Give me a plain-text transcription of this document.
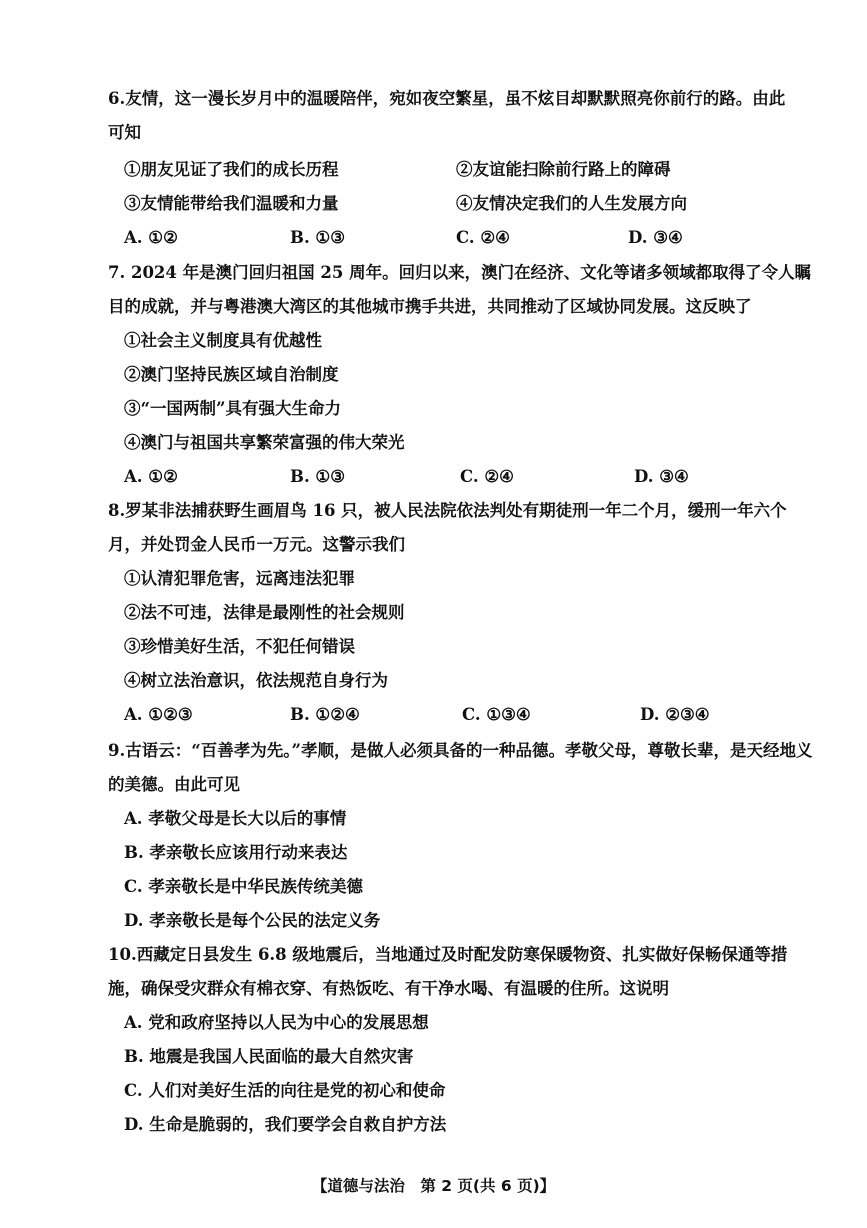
6.友情，这一漫长岁月中的温暖陪伴，宛如夜空繁星，虽不炫目却默默照亮你前行的路。由此
可知
①朋友见证了我们的成长历程	②友谊能扫除前行路上的障碍
③友情能带给我们温暖和力量	④友情决定我们的人生发展方向
A. ①②	B. ①③	C. ②④	D. ③④
7. 2024 年是澳门回归祖国 25 周年。回归以来，澳门在经济、文化等诸多领域都取得了令人瞩
目的成就，并与粤港澳大湾区的其他城市携手共进，共同推动了区域协同发展。这反映了
①社会主义制度具有优越性
②澳门坚持民族区域自治制度
③“一国两制”具有强大生命力
④澳门与祖国共享繁荣富强的伟大荣光
A. ①②	B. ①③	C. ②④	D. ③④
8.罗某非法捕获野生画眉鸟 16 只，被人民法院依法判处有期徒刑一年二个月，缓刑一年六个
月，并处罚金人民币一万元。这警示我们
①认清犯罪危害，远离违法犯罪
②法不可违，法律是最刚性的社会规则
③珍惜美好生活，不犯任何错误
④树立法治意识，依法规范自身行为
A. ①②③	B. ①②④	C. ①③④	D. ②③④
9.古语云：“百善孝为先。”孝顺，是做人必须具备的一种品德。孝敬父母，尊敬长辈，是天经地义
的美德。由此可见
A. 孝敬父母是长大以后的事情
B. 孝亲敬长应该用行动来表达
C. 孝亲敬长是中华民族传统美德
D. 孝亲敬长是每个公民的法定义务
10.西藏定日县发生 6.8 级地震后，当地通过及时配发防寒保暖物资、扎实做好保畅保通等措
施，确保受灾群众有棉衣穿、有热饭吃、有干净水喝、有温暖的住所。这说明
A. 党和政府坚持以人民为中心的发展思想
B. 地震是我国人民面临的最大自然灾害
C. 人们对美好生活的向往是党的初心和使命
D. 生命是脆弱的，我们要学会自救自护方法
【道德与法治　第 2 页(共 6 页)】
